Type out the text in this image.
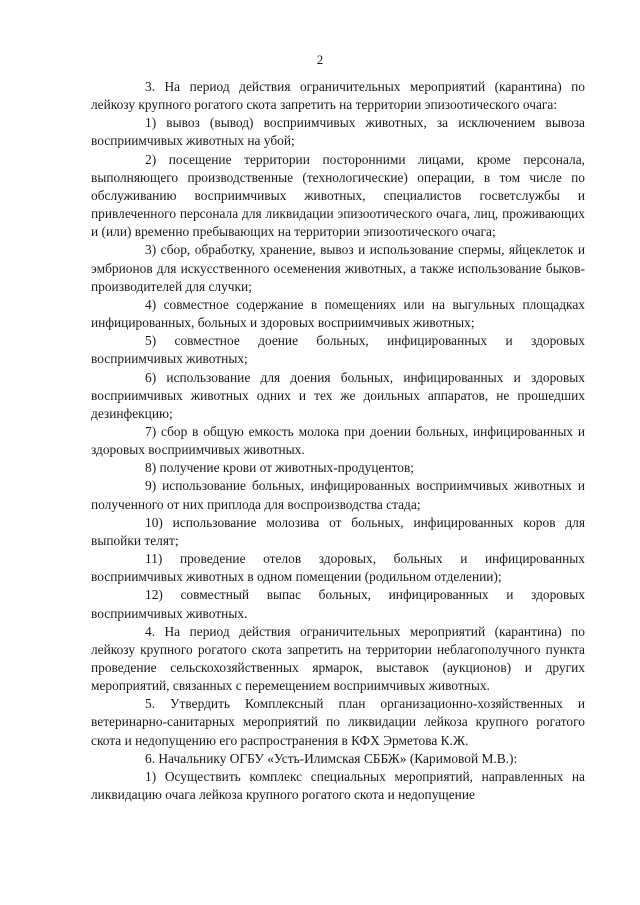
2

3. На период действия ограничительных мероприятий (карантина) по лейкозу крупного рогатого скота запретить на территории эпизоотического очага:

1) вывоз (вывод) восприимчивых животных, за исключением вывоза восприимчивых животных на убой;

2) посещение территории посторонними лицами, кроме персонала, выполняющего производственные (технологические) операции, в том числе по обслуживанию восприимчивых животных, специалистов госветслужбы и привлеченного персонала для ликвидации эпизоотического очага, лиц, проживающих и (или) временно пребывающих на территории эпизоотического очага;

3) сбор, обработку, хранение, вывоз и использование спермы, яйцеклеток и эмбрионов для искусственного осеменения животных, а также использование быков-производителей для случки;

4) совместное содержание в помещениях или на выгульных площадках инфицированных, больных и здоровых восприимчивых животных;

5) совместное доение больных, инфицированных и здоровых восприимчивых животных;

6) использование для доения больных, инфицированных и здоровых восприимчивых животных одних и тех же доильных аппаратов, не прошедших дезинфекцию;

7) сбор в общую емкость молока при доении больных, инфицированных и здоровых восприимчивых животных.

8) получение крови от животных-продуцентов;

9) использование больных, инфицированных восприимчивых животных и полученного от них приплода для воспроизводства стада;

10) использование молозива от больных, инфицированных коров для выпойки телят;

11) проведение отелов здоровых, больных и инфицированных восприимчивых животных в одном помещении (родильном отделении);

12) совместный выпас больных, инфицированных и здоровых восприимчивых животных.

4. На период действия ограничительных мероприятий (карантина) по лейкозу крупного рогатого скота запретить на территории неблагополучного пункта проведение сельскохозяйственных ярмарок, выставок (аукционов) и других мероприятий, связанных с перемещением восприимчивых животных.

5. Утвердить Комплексный план организационно-хозяйственных и ветеринарно-санитарных мероприятий по ликвидации лейкоза крупного рогатого скота и недопущению его распространения в КФХ Эрметова К.Ж.

6. Начальнику ОГБУ «Усть-Илимская СББЖ» (Каримовой М.В.):

1) Осуществить комплекс специальных мероприятий, направленных на ликвидацию очага лейкоза крупного рогатого скота и недопущение
